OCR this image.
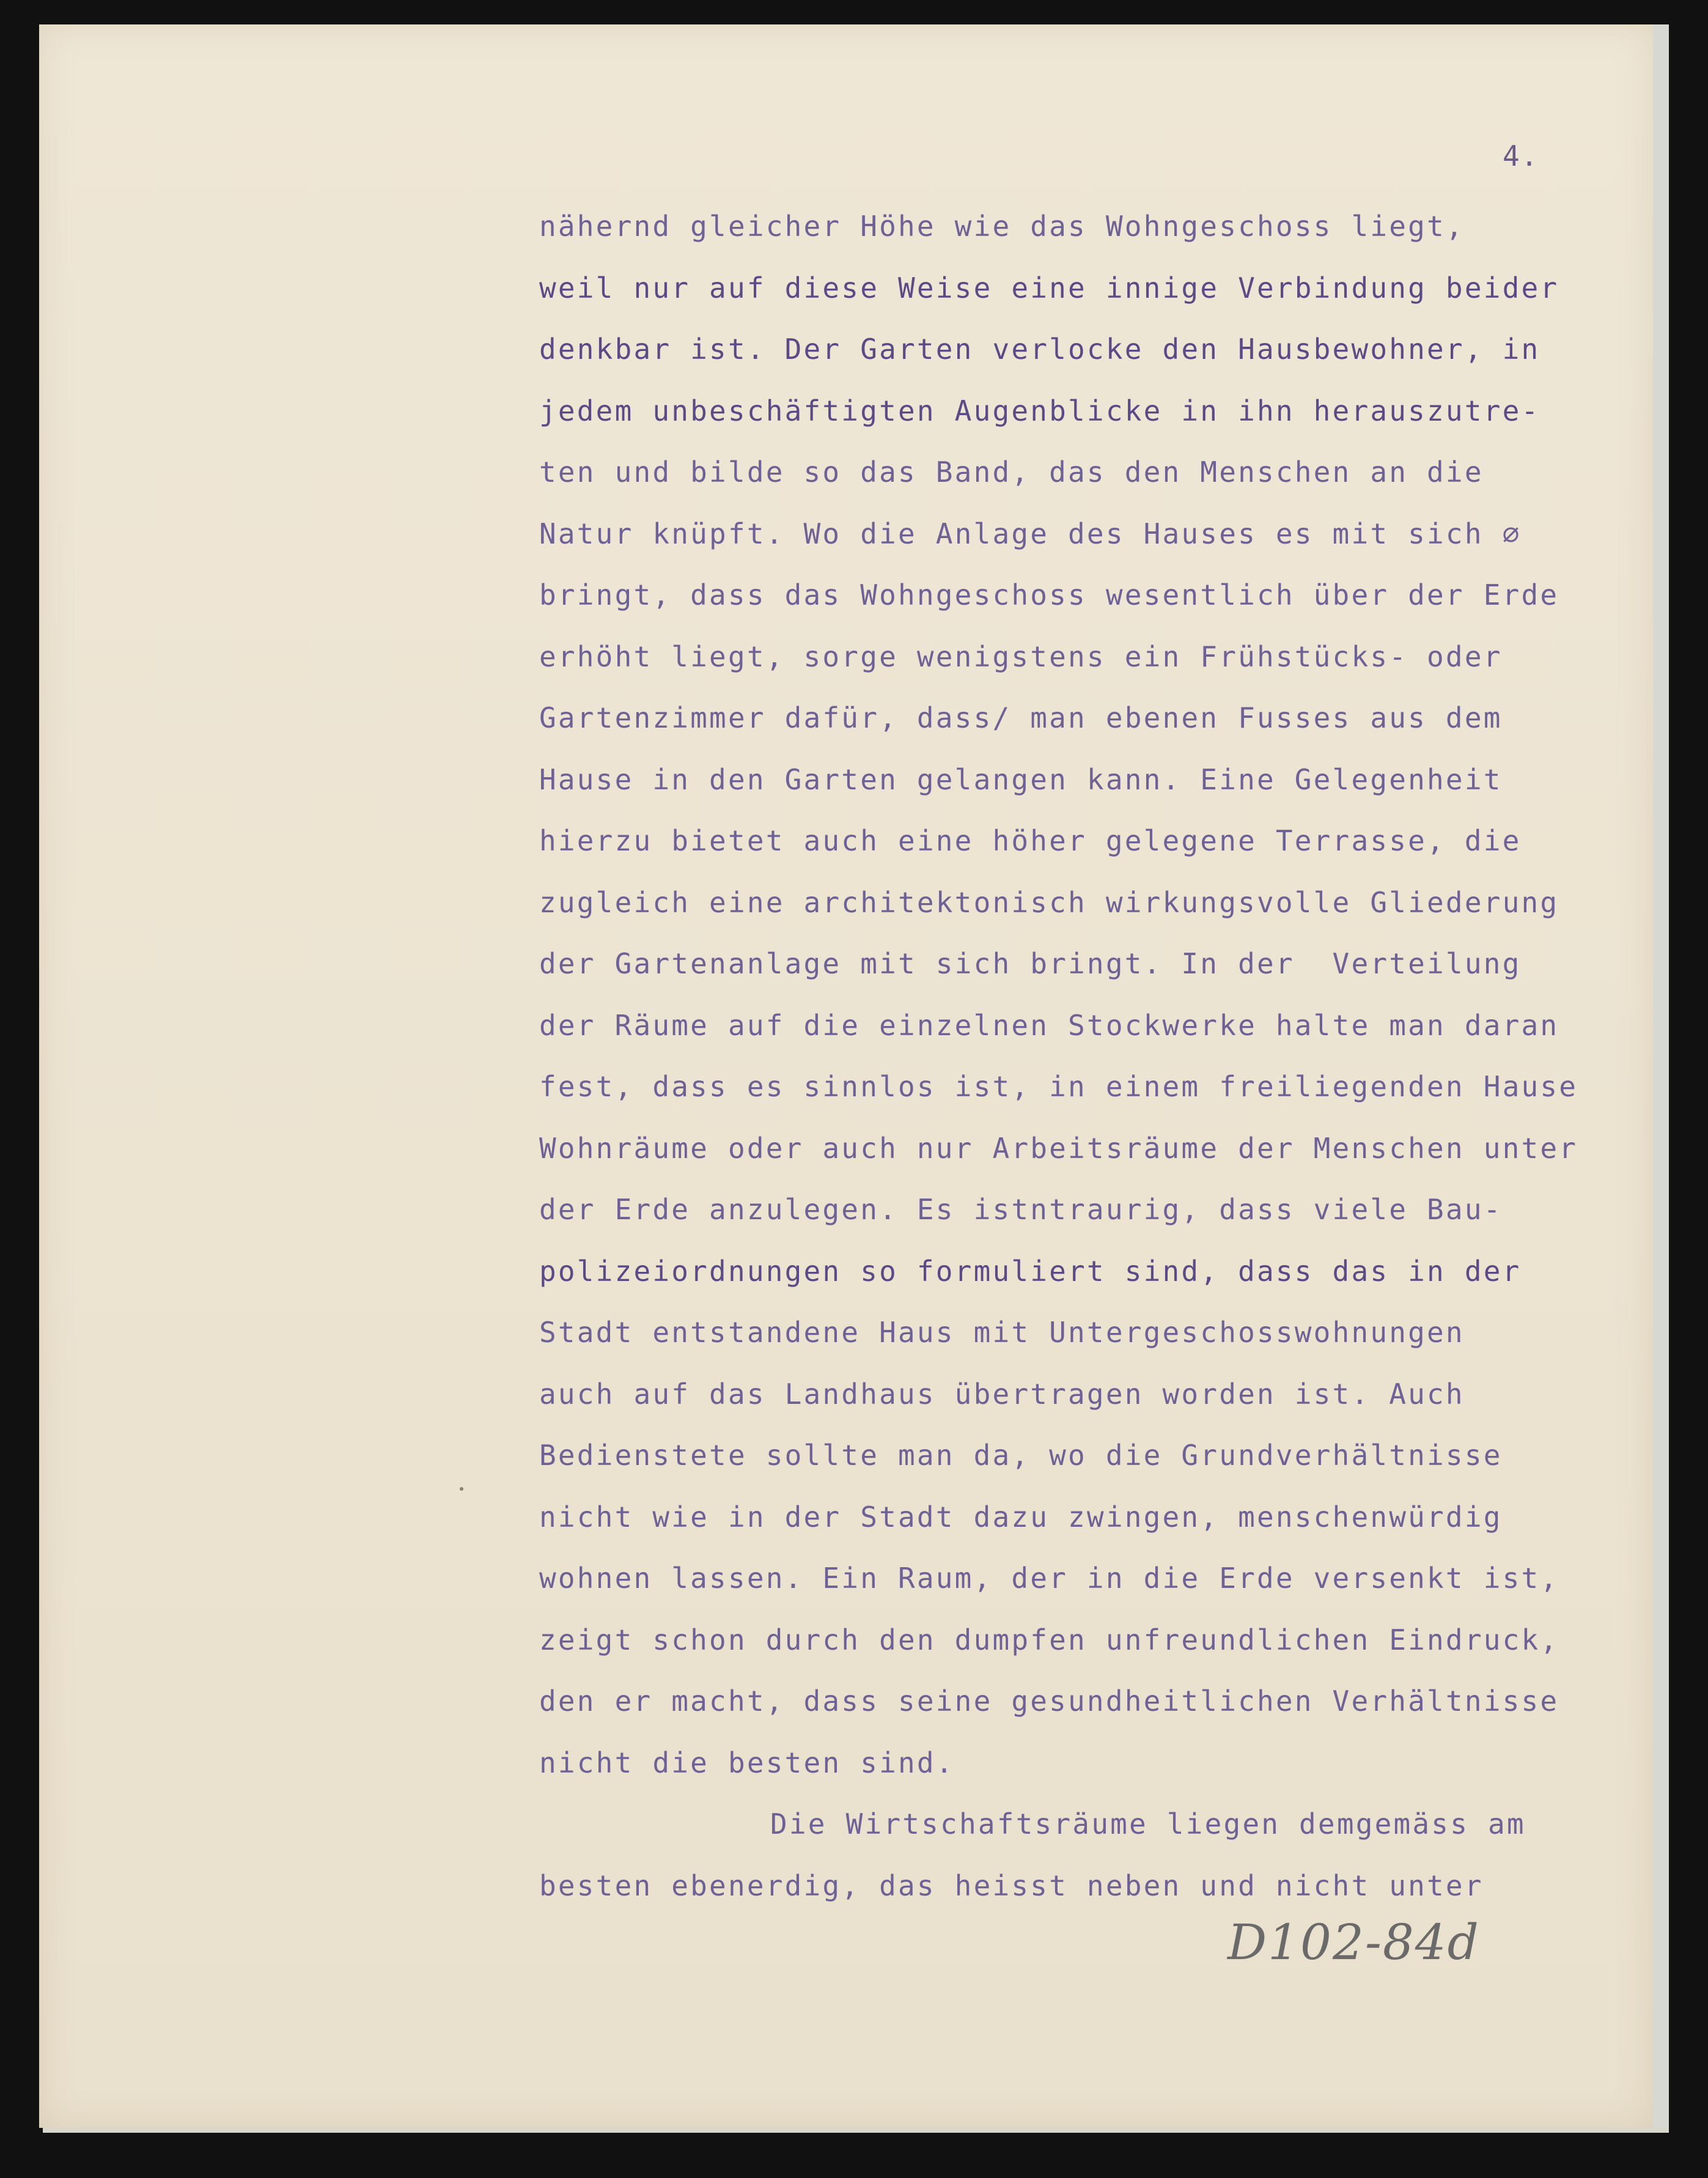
4.
nähernd gleicher Höhe wie das Wohngeschoss liegt,
weil nur auf diese Weise eine innige Verbindung beider
denkbar ist. Der Garten verlocke den Hausbewohner, in
jedem unbeschäftigten Augenblicke in ihn herauszutre-
ten und bilde so das Band, das den Menschen an die
Natur knüpft. Wo die Anlage des Hauses es mit sich ∅
bringt, dass das Wohngeschoss wesentlich über der Erde
erhöht liegt, sorge wenigstens ein Frühstücks- oder
Gartenzimmer dafür, dass∕ man ebenen Fusses aus dem
Hause in den Garten gelangen kann. Eine Gelegenheit
hierzu bietet auch eine höher gelegene Terrasse, die
zugleich eine architektonisch wirkungsvolle Gliederung
der Gartenanlage mit sich bringt. In der  Verteilung
der Räume auf die einzelnen Stockwerke halte man daran
fest, dass es sinnlos ist, in einem freiliegenden Hause
Wohnräume oder auch nur Arbeitsräume der Menschen unter
der Erde anzulegen. Es istntraurig, dass viele Bau-
polizeiordnungen so formuliert sind, dass das in der
Stadt entstandene Haus mit Untergeschosswohnungen
auch auf das Landhaus übertragen worden ist. Auch
Bedienstete sollte man da, wo die Grundverhältnisse
nicht wie in der Stadt dazu zwingen, menschenwürdig
wohnen lassen. Ein Raum, der in die Erde versenkt ist,
zeigt schon durch den dumpfen unfreundlichen Eindruck,
den er macht, dass seine gesundheitlichen Verhältnisse
nicht die besten sind.
Die Wirtschaftsräume liegen demgemäss am
besten ebenerdig, das heisst neben und nicht unter
D102-84d
